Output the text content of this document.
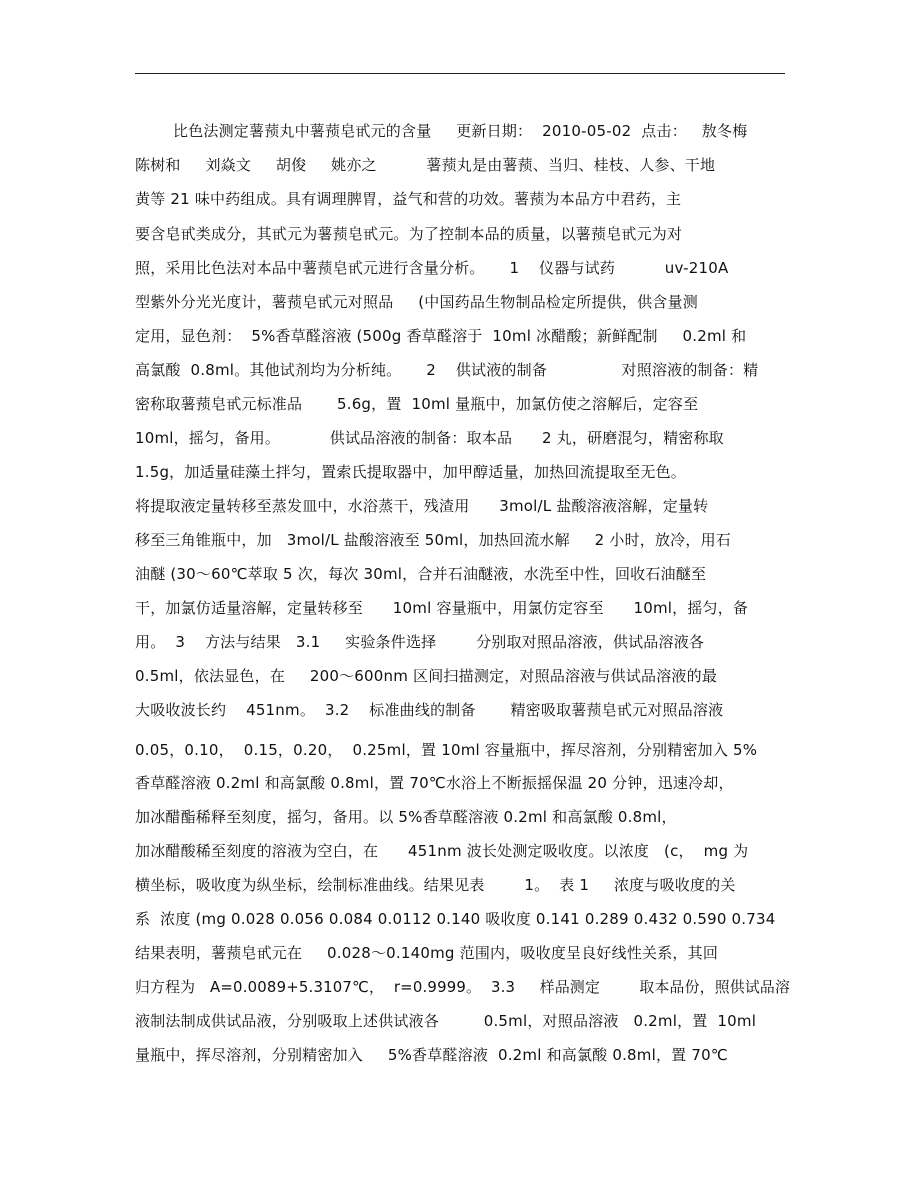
比色法测定薯蓣丸中薯蓣皂甙元的含量     更新日期：  2010-05-02  点击：   敖冬梅
陈树和     刘焱文     胡俊     姚亦之          薯蓣丸是由薯蓣、当归、桂枝、人参、干地
黄等 21 味中药组成。具有调理脾胃，益气和营的功效。薯蓣为本品方中君药，主
要含皂甙类成分，其甙元为薯蓣皂甙元。为了控制本品的质量，以薯蓣皂甙元为对
照，采用比色法对本品中薯蓣皂甙元进行含量分析。     1    仪器与试药          uv-210A
型紫外分光光度计，薯蓣皂甙元对照品     (中国药品生物制品检定所提供，供含量测
定用，显色剂：  5%香草醛溶液 (500g 香草醛溶于  10ml 冰醋酸；新鲜配制     0.2ml 和
高氯酸  0.8ml。其他试剂均为分析纯。     2    供试液的制备               对照溶液的制备：精
密称取薯蓣皂甙元标准品       5.6g，置  10ml 量瓶中，加氯仿使之溶解后，定容至
10ml，摇匀，备用。          供试品溶液的制备：取本品      2 丸，研磨混匀，精密称取
1.5g，加适量硅藻土拌匀，置索氏提取器中，加甲醇适量，加热回流提取至无色。
将提取液定量转移至蒸发皿中，水浴蒸干，残渣用      3mol/L 盐酸溶液溶解，定量转
移至三角锥瓶中，加   3mol/L 盐酸溶液至 50ml，加热回流水解     2 小时，放冷，用石
油醚 (30～60℃萃取 5 次，每次 30ml，合并石油醚液，水洗至中性，回收石油醚至
干，加氯仿适量溶解，定量转移至      10ml 容量瓶中，用氯仿定容至      10ml，摇匀，备
用。  3    方法与结果   3.1     实验条件选择        分别取对照品溶液，供试品溶液各
0.5ml，依法显色，在     200～600nm 区间扫描测定，对照品溶液与供试品溶液的最
大吸收波长约    451nm。  3.2    标准曲线的制备       精密吸取薯蓣皂甙元对照品溶液
0.05，0.10，  0.15，0.20，  0.25ml，置 10ml 容量瓶中，挥尽溶剂，分别精密加入 5%
香草醛溶液 0.2ml 和高氯酸 0.8ml，置 70℃水浴上不断振摇保温 20 分钟，迅速冷却，
加冰醋酯稀释至刻度，摇匀，备用。以 5%香草醛溶液 0.2ml 和高氯酸 0.8ml，
加冰醋酸稀至刻度的溶液为空白，在      451nm 波长处测定吸收度。以浓度   (c，  mg 为
横坐标，吸收度为纵坐标，绘制标准曲线。结果见表        1。  表 1     浓度与吸收度的关
系  浓度 (mg 0.028 0.056 0.084 0.0112 0.140 吸收度 0.141 0.289 0.432 0.590 0.734
结果表明，薯蓣皂甙元在     0.028～0.140mg 范围内，吸收度呈良好线性关系，其回
归方程为   A=0.0089+5.3107℃，  r=0.9999。  3.3     样品测定        取本品份，照供试品溶
液制法制成供试品液，分别吸取上述供试液各         0.5ml，对照品溶液   0.2ml，置  10ml
量瓶中，挥尽溶剂，分别精密加入     5%香草醛溶液  0.2ml 和高氯酸 0.8ml，置 70℃
